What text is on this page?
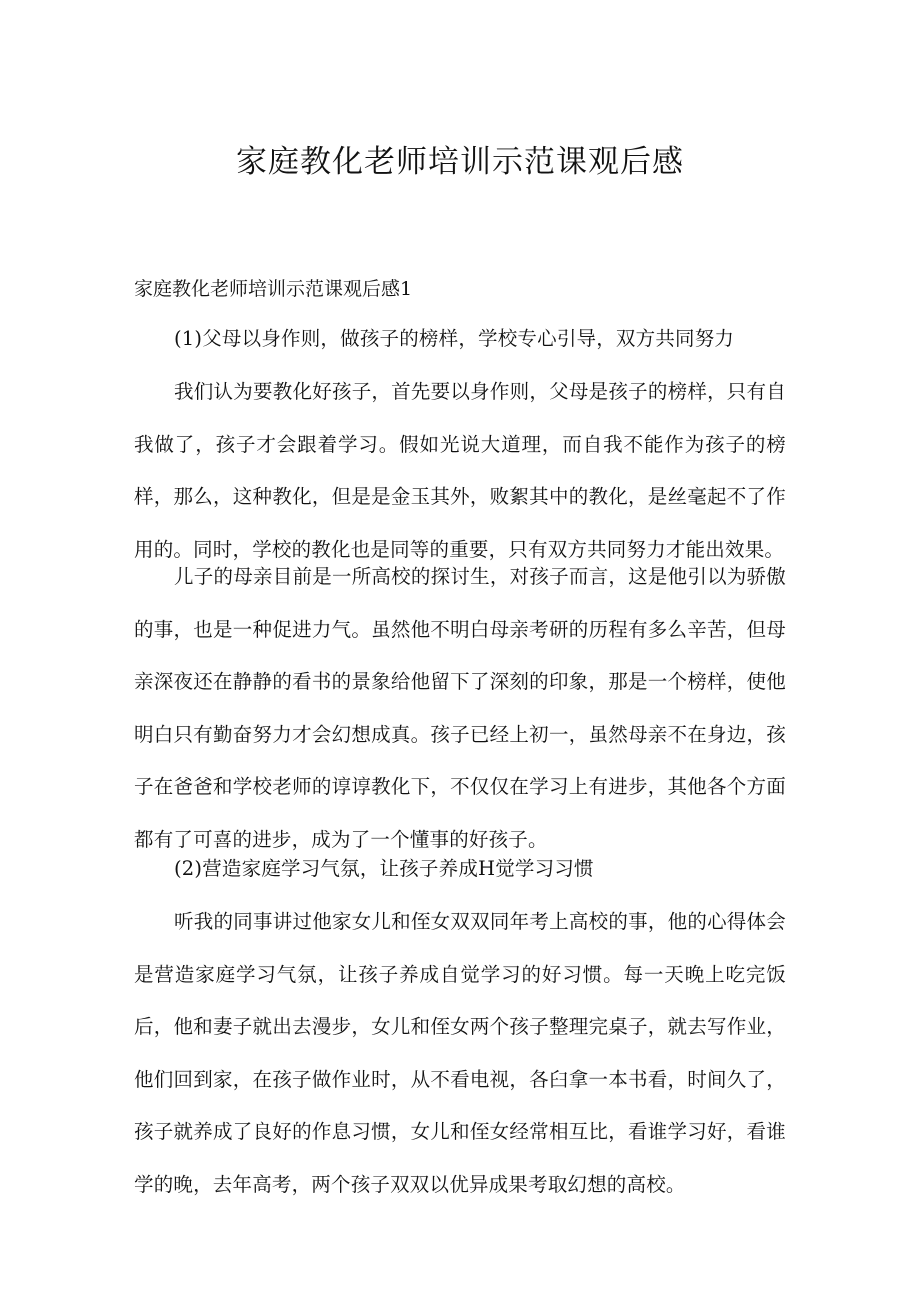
家庭教化老师培训示范课观后感

家庭教化老师培训示范课观后感1

(1)父母以身作则，做孩子的榜样，学校专心引导，双方共同努力

我们认为要教化好孩子，首先要以身作则，父母是孩子的榜样，只有自我做了，孩子才会跟着学习。假如光说大道理，而自我不能作为孩子的榜样，那么，这种教化，但是是金玉其外，败絮其中的教化，是丝毫起不了作用的。同时，学校的教化也是同等的重要，只有双方共同努力才能出效果。

儿子的母亲目前是一所高校的探讨生，对孩子而言，这是他引以为骄傲的事，也是一种促进力气。虽然他不明白母亲考研的历程有多么辛苦，但母亲深夜还在静静的看书的景象给他留下了深刻的印象，那是一个榜样，使他明白只有勤奋努力才会幻想成真。孩子已经上初一，虽然母亲不在身边，孩子在爸爸和学校老师的谆谆教化下，不仅仅在学习上有进步，其他各个方面都有了可喜的进步，成为了一个懂事的好孩子。

(2)营造家庭学习气氛，让孩子养成H觉学习习惯

听我的同事讲过他家女儿和侄女双双同年考上高校的事，他的心得体会是营造家庭学习气氛，让孩子养成自觉学习的好习惯。每一天晚上吃完饭后，他和妻子就出去漫步，女儿和侄女两个孩子整理完桌子，就去写作业，他们回到家，在孩子做作业时，从不看电视，各臼拿一本书看，时间久了，孩子就养成了良好的作息习惯，女儿和侄女经常相互比，看谁学习好，看谁学的晚，去年高考，两个孩子双双以优异成果考取幻想的高校。
